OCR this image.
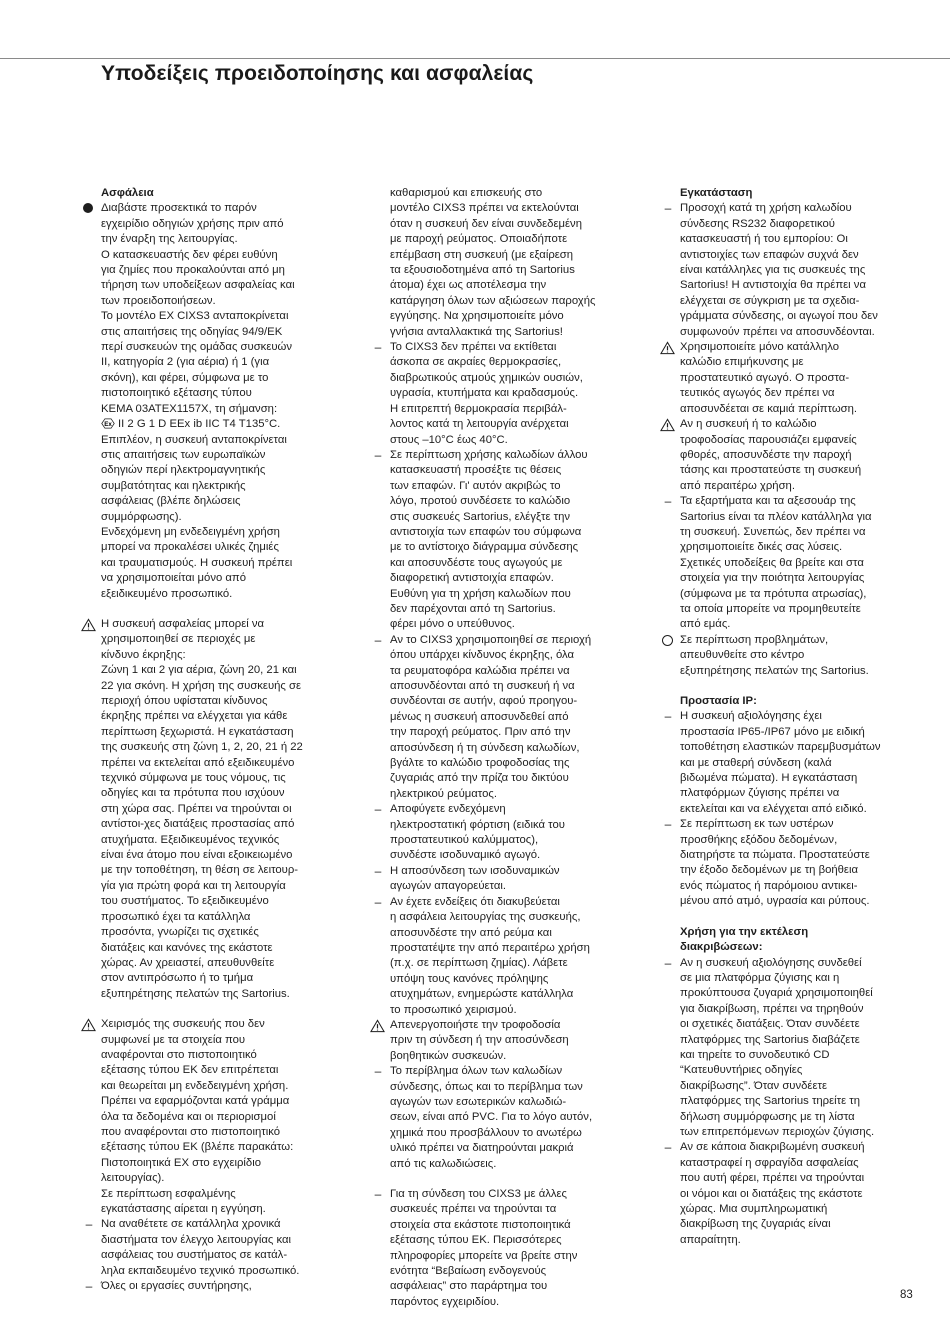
Υποδείξεις προειδοποίησης και ασφαλείας
Ασφάλεια
Διαβάστε προσεκτικά το παρόν
εγχειρίδιο οδηγιών χρήσης πριν από
την έναρξη της λειτουργίας.
Ο κατασκευαστής δεν φέρει ευθύνη
για ζημίες που προκαλούνται από μη
τήρηση των υποδείξεων ασφαλείας και
των προειδοποιήσεων.
Το μοντέλο EX CIXS3 ανταποκρίνεται
στις απαιτήσεις της οδηγίας 94/9/ΕΚ
περί συσκευών της ομάδας συσκευών
II, κατηγορία 2 (για αέρια) ή 1 (για
σκόνη), και φέρει, σύμφωνα με το
πιστοποιητικό εξέτασης τύπου
KEMA 03ATEX1157X, τη σήμανση:
Ex II 2 G 1 D EEx ib IIC T4 T135°C.
Επιπλέον, η συσκευή ανταποκρίνεται
στις απαιτήσεις των ευρωπαϊκών
οδηγιών περί ηλεκτρομαγνητικής
συμβατότητας και ηλεκτρικής
ασφάλειας (βλέπε δηλώσεις
συμμόρφωσης).
Ενδεχόμενη μη ενδεδειγμένη χρήση
μπορεί να προκαλέσει υλικές ζημιές
και τραυματισμούς. Η συσκευή πρέπει
να χρησιμοποιείται μόνο από
εξειδικευμένο προσωπικό.
Η συσκευή ασφαλείας μπορεί να
χρησιμοποιηθεί σε περιοχές με
κίνδυνο έκρηξης:
Ζώνη 1 και 2 για αέρια, ζώνη 20, 21 και
22 για σκόνη. Η χρήση της συσκευής σε
περιοχή όπου υφίσταται κίνδυνος
έκρηξης πρέπει να ελέγχεται για κάθε
περίπτωση ξεχωριστά. Η εγκατάσταση
της συσκευής στη ζώνη 1, 2, 20, 21 ή 22
πρέπει να εκτελείται από εξειδικευμένο
τεχνικό σύμφωνα με τους νόμους, τις
οδηγίες και τα πρότυπα που ισχύουν
στη χώρα σας. Πρέπει να τηρούνται οι
αντίστοι-χες διατάξεις προστασίας από
ατυχήματα. Εξειδικευμένος τεχνικός
είναι ένα άτομο που είναι εξοικειωμένο
με την τοποθέτηση, τη θέση σε λειτουρ-
γία για πρώτη φορά και τη λειτουργία
του συστήματος. Το εξειδικευμένο
προσωπικό έχει τα κατάλληλα
προσόντα, γνωρίζει τις σχετικές
διατάξεις και κανόνες της εκάστοτε
χώρας. Αν χρειαστεί, απευθυνθείτε
στον αντιπρόσωπο ή το τμήμα
εξυπηρέτησης πελατών της Sartorius.
Χειρισμός της συσκευής που δεν
συμφωνεί με τα στοιχεία που
αναφέρονται στο πιστοποιητικό
εξέτασης τύπου ΕΚ δεν επιτρέπεται
και θεωρείται μη ενδεδειγμένη χρήση.
Πρέπει να εφαρμόζονται κατά γράμμα
όλα τα δεδομένα και οι περιορισμοί
που αναφέρονται στο πιστοποιητικό
εξέτασης τύπου ΕΚ (βλέπε παρακάτω:
Πιστοποιητικά EX στο εγχειρίδιο
λειτουργίας).
Σε περίπτωση εσφαλμένης
εγκατάστασης αίρεται η εγγύηση.
– Να αναθέτετε σε κατάλληλα χρονικά
διαστήματα τον έλεγχο λειτουργίας και
ασφάλειας του συστήματος σε κατάλ-
ληλα εκπαιδευμένο τεχνικό προσωπικό.
– Όλες οι εργασίες συντήρησης,
καθαρισμού και επισκευής στο
μοντέλο CIXS3 πρέπει να εκτελούνται
όταν η συσκευή δεν είναι συνδεδεμένη
με παροχή ρεύματος. Οποιαδήποτε
επέμβαση στη συσκευή (με εξαίρεση
τα εξουσιοδοτημένα από τη Sartorius
άτομα) έχει ως αποτέλεσμα την
κατάργηση όλων των αξιώσεων παροχής
εγγύησης. Να χρησιμοποιείτε μόνο
γνήσια ανταλλακτικά της Sartorius!
– Το CIXS3 δεν πρέπει να εκτίθεται
άσκοπα σε ακραίες θερμοκρασίες,
διαβρωτικούς ατμούς χημικών ουσιών,
υγρασία, κτυπήματα και κραδασμούς.
Η επιτρεπτή θερμοκρασία περιβάλ-
λοντος κατά τη λειτουργία ανέρχεται
στους –10°C έως 40°C.
– Σε περίπτωση χρήσης καλωδίων άλλου
κατασκευαστή προσέξτε τις θέσεις
των επαφών. Γι' αυτόν ακριβώς το
λόγο, προτού συνδέσετε το καλώδιο
στις συσκευές Sartorius, ελέγξτε την
αντιστοιχία των επαφών του σύμφωνα
με το αντίστοιχο διάγραμμα σύνδεσης
και αποσυνδέστε τους αγωγούς με
διαφορετική αντιστοιχία επαφών.
Ευθύνη για τη χρήση καλωδίων που
δεν παρέχονται από τη Sartorius.
φέρει μόνο ο υπεύθυνος.
– Αν το CIXS3 χρησιμοποιηθεί σε περιοχή
όπου υπάρχει κίνδυνος έκρηξης, όλα
τα ρευματοφόρα καλώδια πρέπει να
αποσυνδέονται από τη συσκευή ή να
συνδέονται σε αυτήν, αφού προηγου-
μένως η συσκευή αποσυνδεθεί από
την παροχή ρεύματος. Πριν από την
αποσύνδεση ή τη σύνδεση καλωδίων,
βγάλτε το καλώδιο τροφοδοσίας της
ζυγαριάς από την πρίζα του δικτύου
ηλεκτρικού ρεύματος.
– Αποφύγετε ενδεχόμενη
ηλεκτροστατική φόρτιση (ειδικά του
προστατευτικού καλύμματος),
συνδέστε ισοδυναμικό αγωγό.
– Η αποσύνδεση των ισοδυναμικών
αγωγών απαγορεύεται.
– Αν έχετε ενδείξεις ότι διακυβεύεται
η ασφάλεια λειτουργίας της συσκευής,
αποσυνδέστε την από ρεύμα και
προστατέψτε την από περαιτέρω χρήση
(π.χ. σε περίπτωση ζημίας). Λάβετε
υπόψη τους κανόνες πρόληψης
ατυχημάτων, ενημερώστε κατάλληλα
το προσωπικό χειρισμού.
Απενεργοποιήστε την τροφοδοσία
πριν τη σύνδεση ή την αποσύνδεση
βοηθητικών συσκευών.
– Το περίβλημα όλων των καλωδίων
σύνδεσης, όπως και το περίβλημα των
αγωγών των εσωτερικών καλωδιώ-
σεων, είναι από PVC. Για το λόγο αυτόν,
χημικά που προσβάλλουν το ανωτέρω
υλικό πρέπει να διατηρούνται μακριά
από τις καλωδιώσεις.
– Για τη σύνδεση του CIXS3 με άλλες
συσκευές πρέπει να τηρούνται τα
στοιχεία στα εκάστοτε πιστοποιητικά
εξέτασης τύπου ΕΚ. Περισσότερες
πληροφορίες μπορείτε να βρείτε στην
ενότητα “Βεβαίωση ενδογενούς
ασφάλειας” στο παράρτημα του
παρόντος εγχειριδίου.
Εγκατάσταση
– Προσοχή κατά τη χρήση καλωδίου
σύνδεσης RS232 διαφορετικού
κατασκευαστή ή του εμπορίου: Οι
αντιστοιχίες των επαφών συχνά δεν
είναι κατάλληλες για τις συσκευές της
Sartorius! Η αντιστοιχία θα πρέπει να
ελέγχεται σε σύγκριση με τα σχεδια-
γράμματα σύνδεσης, οι αγωγοί που δεν
συμφωνούν πρέπει να αποσυνδέονται.
Χρησιμοποιείτε μόνο κατάλληλο
καλώδιο επιμήκυνσης με
προστατευτικό αγωγό. Ο προστα-
τευτικός αγωγός δεν πρέπει να
αποσυνδέεται σε καμιά περίπτωση.
Αν η συσκευή ή το καλώδιο
τροφοδοσίας παρουσιάζει εμφανείς
φθορές, αποσυνδέστε την παροχή
τάσης και προστατεύστε τη συσκευή
από περαιτέρω χρήση.
– Τα εξαρτήματα και τα αξεσουάρ της
Sartorius είναι τα πλέον κατάλληλα για
τη συσκευή. Συνεπώς, δεν πρέπει να
χρησιμοποιείτε δικές σας λύσεις.
Σχετικές υποδείξεις θα βρείτε και στα
στοιχεία για την ποιότητα λειτουργίας
(σύμφωνα με τα πρότυπα ατρωσίας),
τα οποία μπορείτε να προμηθευτείτε
από εμάς.
Σε περίπτωση προβλημάτων,
απευθυνθείτε στο κέντρο
εξυπηρέτησης πελατών της Sartorius.
Προστασία IP:
– Η συσκευή αξιολόγησης έχει
προστασία IP65-/IP67 μόνο με ειδική
τοποθέτηση ελαστικών παρεμβυσμάτων
και με σταθερή σύνδεση (καλά
βιδωμένα πώματα). Η εγκατάσταση
πλατφόρμων ζύγισης πρέπει να
εκτελείται και να ελέγχεται από ειδικό.
– Σε περίπτωση εκ των υστέρων
προσθήκης εξόδου δεδομένων,
διατηρήστε τα πώματα. Προστατεύστε
την έξοδο δεδομένων με τη βοήθεια
ενός πώματος ή παρόμοιου αντικει-
μένου από ατμό, υγρασία και ρύπους.
Χρήση για την εκτέλεση
διακριβώσεων:
– Αν η συσκευή αξιολόγησης συνδεθεί
σε μια πλατφόρμα ζύγισης και η
προκύπτουσα ζυγαριά χρησιμοποιηθεί
για διακρίβωση, πρέπει να τηρηθούν
οι σχετικές διατάξεις. Όταν συνδέετε
πλατφόρμες της Sartorius διαβάζετε
και τηρείτε το συνοδευτικό CD
“Κατευθυντήριες οδηγίες
διακρίβωσης”. Όταν συνδέετε
πλατφόρμες της Sartorius τηρείτε τη
δήλωση συμμόρφωσης με τη λίστα
των επιτρεπόμενων περιοχών ζύγισης.
– Αν σε κάποια διακριβωμένη συσκευή
καταστραφεί η σφραγίδα ασφαλείας
που αυτή φέρει, πρέπει να τηρούνται
οι νόμοι και οι διατάξεις της εκάστοτε
χώρας. Μια συμπληρωματική
διακρίβωση της ζυγαριάς είναι
απαραίτητη.
83
